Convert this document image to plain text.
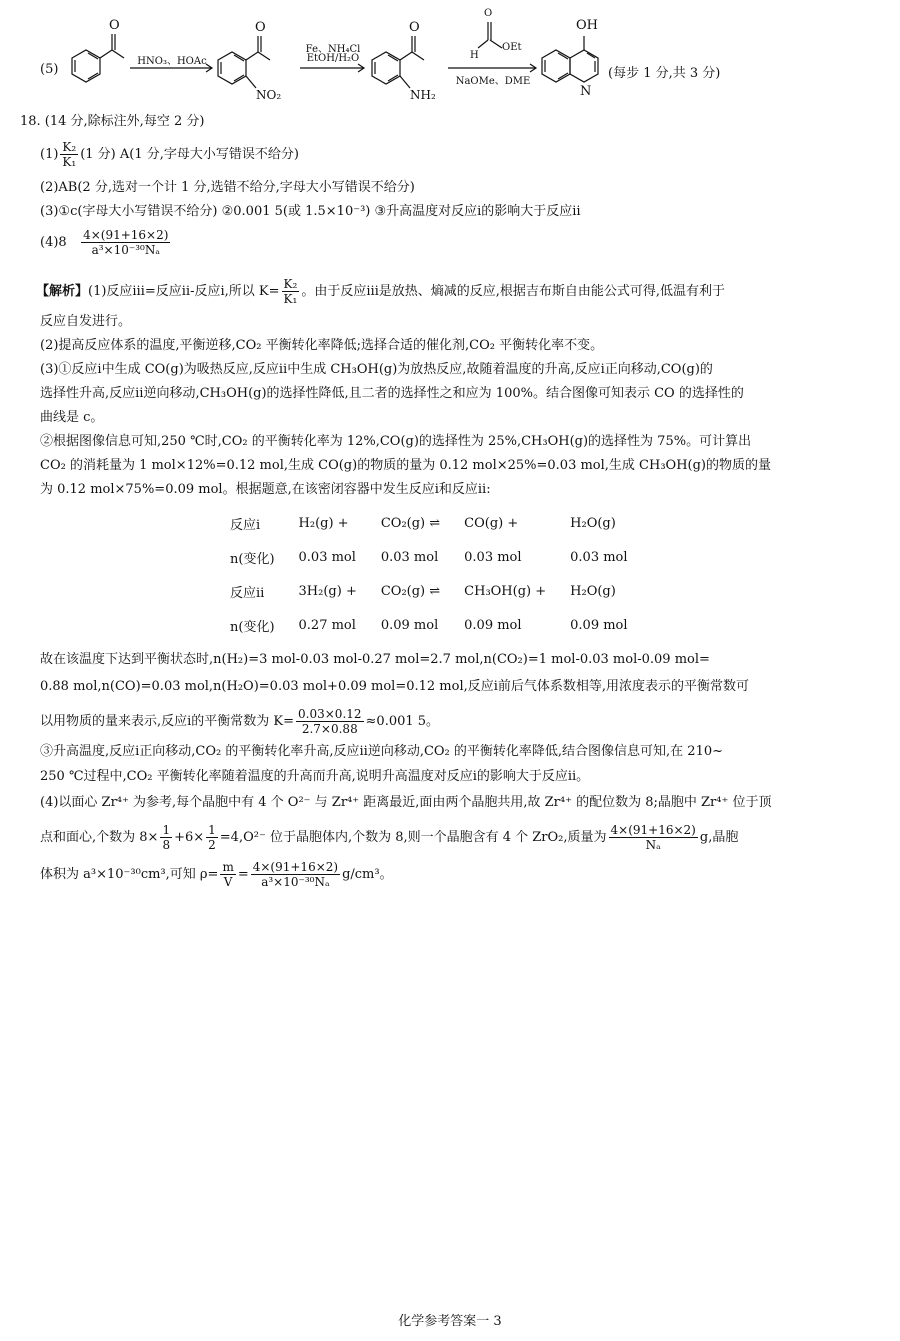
(5)
O	O	O
HNO₃、HOAc
NO₂
Fe、NH₄Cl
EtOH/H₂O
NH₂
O
H
OEt
NaOMe、DME
OH
N
(每步 1 分,共 3 分)
18. (14 分,除标注外,每空 2 分)
$(1) \frac{\text{K₂}}{\text{K₁}} (1$ 分) A(1 分,字母大小写错误不给分)
(2)AB(2 分,选对一个计 1 分,选错不给分,字母大小写错误不给分)
(3)①c(字母大小写错误不给分) ②0.001 5(或 1.5×10⁻³) ③升高温度对反应ⅰ的影响大于反应ⅱ
$(4)8 \frac{4\times(91+16\times 2)}{\text{a³×10⁻³⁰Nₐ}}$
【解析】(1)反应ⅲ=反应ⅱ-反应ⅰ,所以 $K= \frac{\text{K₂}}{\text{K₁}}$ 。由于反应ⅲ是放热、熵减的反应,根据吉布斯自由能公式可得,低温有利于
反应自发进行。
(2)提高反应体系的温度,平衡逆移,CO₂ 平衡转化率降低;选择合适的催化剂,CO₂ 平衡转化率不变。
(3)①反应ⅰ中生成 CO(g)为吸热反应,反应ⅱ中生成 CH₃OH(g)为放热反应,故随着温度的升高,反应ⅰ正向移动,CO(g)的
选择性升高,反应ⅱ逆向移动,CH₃OH(g)的选择性降低,且二者的选择性之和应为 100%。结合图像可知表示 CO 的选择性的
曲线是 c。
②根据图像信息可知,250 ℃时,CO₂ 的平衡转化率为 12%,CO(g)的选择性为 25%,CH₃OH(g)的选择性为 75%。可计算出
CO₂ 的消耗量为 1 mol×12%=0.12 mol,生成 CO(g)的物质的量为 0.12 mol×25%=0.03 mol,生成 CH₃OH(g)的物质的量
为 0.12 mol×75%=0.09 mol。根据题意,在该密闭容器中发生反应ⅰ和反应ⅱ:
反应ⅰ	H₂(g) +	CO₂(g) ⇌	CO(g) +	H₂O(g)
n(变化)	0.03 mol	0.03 mol	0.03 mol	0.03 mol
反应ⅱ	3H₂(g) +	CO₂(g) ⇌	CH₃OH(g) +	H₂O(g)
n(变化)	0.27 mol	0.09 mol	0.09 mol	0.09 mol
故在该温度下达到平衡状态时,n(H₂)=3 mol-0.03 mol-0.27 mol=2.7 mol,n(CO₂)=1 mol-0.03 mol-0.09 mol=
0.88 mol,n(CO)=0.03 mol,n(H₂O)=0.03 mol+0.09 mol=0.12 mol,反应ⅰ前后气体系数相等,用浓度表示的平衡常数可
以用物质的量来表示,反应ⅰ的平衡常数为 $K= \frac{0.03\times 0.12}{2.7\times 0.88} \approx 0.001$ 5。
③升高温度,反应ⅰ正向移动,CO₂ 的平衡转化率升高,反应ⅱ逆向移动,CO₂ 的平衡转化率降低,结合图像信息可知,在 210~
250 ℃过程中,CO₂ 平衡转化率随着温度的升高而升高,说明升高温度对反应ⅰ的影响大于反应ⅱ。
(4)以面心 Zr⁴⁺ 为参考,每个晶胞中有 4 个 O²⁻ 与 Zr⁴⁺ 距离最近,面由两个晶胞共用,故 Zr⁴⁺ 的配位数为 8;晶胞中 Zr⁴⁺ 位于顶
点和面心,个数为 $8\times \frac{1}{8} +6\times \frac{1}{2} =4,O^{2-}$ 位于晶胞体内,个数为 8,则一个晶胞含有 4 个 ZrO₂,质量为 $\frac{4\times(91+16\times 2)}{\text{Nₐ}} g$,晶胞
体积为 a³×10⁻³⁰cm³,可知 $\rho= \frac{m}{V} = \frac{4\times(91+16\times 2)}{\text{a³×10⁻³⁰Nₐ}} g/cm^3$。
化学参考答案一 3
